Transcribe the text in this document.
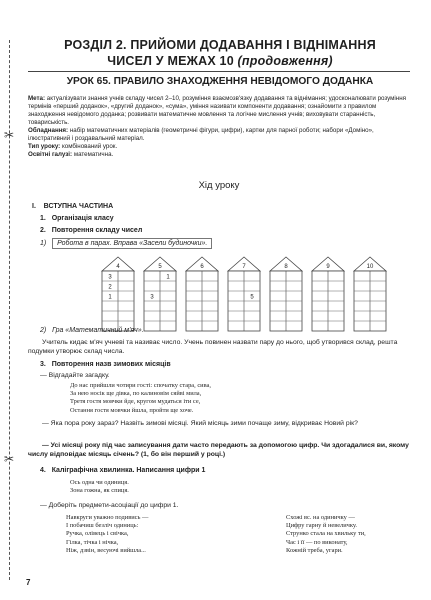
✂
✂
РОЗДІЛ 2. ПРИЙОМИ ДОДАВАННЯ І ВІДНІМАННЯ
ЧИСЕЛ У МЕЖАХ 10 (продовження)
УРОК 65. ПРАВИЛО ЗНАХОДЖЕННЯ НЕВІДОМОГО ДОДАНКА
Мета: актуалізувати знання учнів складу чисел 2–10, розуміння взаємозв'язку додавання та віднімання; удосконалювати розуміння термінів «перший доданок», «другий доданок», «сума», уміння називати компоненти додавання; ознайомити з правилом знаходження невідомого доданка; розвивати математичне мовлення та логічне мислення учнів; виховувати старанність, товариськість.
Обладнання: набір математичних матеріалів (геометричні фігури, цифри), картки для парної роботи; набори «Доміно», ілюстративний і роздавальний матеріал.
Тип уроку: комбінований урок.
Освітні галузі: математична.
Хід уроку
I. ВСТУПНА ЧАСТИНА
1. Організація класу
2. Повторення складу чисел
1) Робота в парах. Вправа «Засели будиночки».
4
3
2
1
5
1
3
6	7
5
8	9	10
2) Гра «Математичний м'яч».
Учитель кидає м'яч учневі та називає число. Учень повинен назвати пару до нього, щоб утворився склад, решта подумки утворює склад числа.
3. Повторення назв зимових місяців
— Відгадайте загадку.
До нас прийшли чотири гості: спочатку стара, сива,
За нею носік ще дівка, по калиновім сяйві мила,
Третя гостя мовчки йде, кругом мудаться іти се,
Остання гостя мовчки йшла, пройти ще хоче.
— Яка пора року зараз? Назвіть зимові місяці. Який місяць зими почаще зиму, відкриває Новий рік?
— Усі місяці року під час записування дати часто передають за допомогою цифр. Чи здогадалися ви, якому числу відповідає місяць січень? (1, бо він перший у році.)
4. Каліграфічна хвилинка. Написання цифри 1
Ось одна чи одиниця.
Зона гожна, як спиця.
— Доберіть предмети-асоціації до цифри 1.
Навкруги уважно подивись —
І побачиш безліч одиниць:
Ручка, олівець і свічка,
Гілка, тічка і нічка,
Ніж, дзвін, весуючі вийшла...
Схожі вс. на одиничку —
Цифру гарну й невеличку.
Струнко стала на хвильку ти,
Час і її — по виконату,
Кожній треба, угари.
7
